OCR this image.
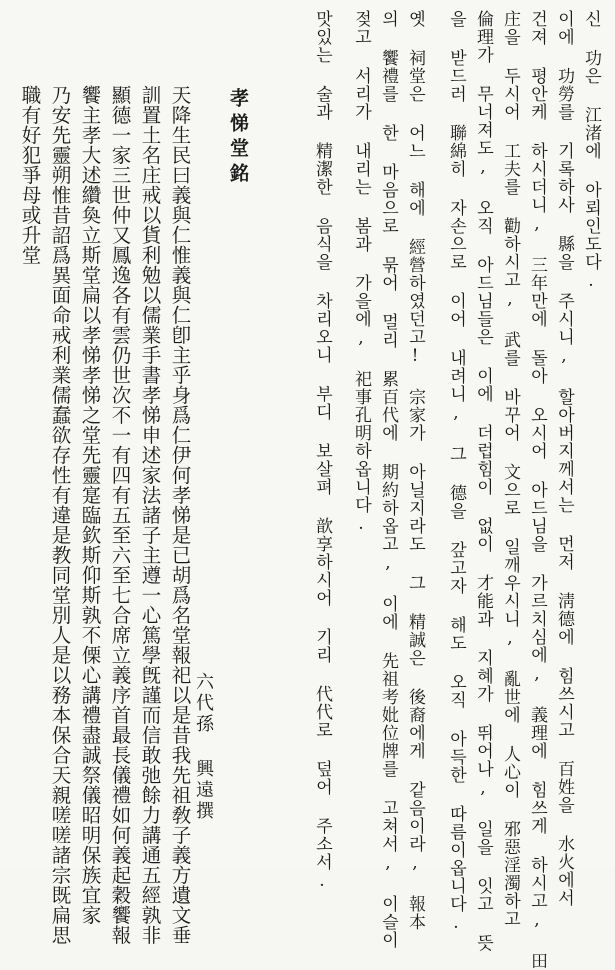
신 功은 江渚에 아뢰인도다.
이에 功勞를 기록하사 縣을 주시니, 할아버지께서는 먼저 淸德에 힘쓰시고 百姓을 水火에서
건져 평안케 하시더니, 三年만에 돌아 오시어 아드님을 가르치심에, 義理에 힘쓰게 하시고, 田
庄을 두시어 工夫를 勸하시고, 武를 바꾸어 文으로 일깨우시니, 亂世에 人心이 邪惡淫濁하고
倫理가 무너져도, 오직 아드님들은 이에 더럽힘이 없이 才能과 지혜가 뛰어나, 일을 잇고 뜻
을 받드러 聯綿히 자손으로 이어 내려니, 그 德을 갚고자 해도 오직 아득한 따름이옵니다.
옛 祠堂은 어느 해에 經營하였던고! 宗家가 아닐지라도 그 精誠은 後裔에게 같음이라, 報本
의 饗禮를 한 마음으로 묶어 멀리 累百代에 期約하옵고, 이에 先祖考妣位牌를 고쳐서, 이슬이
젖고 서리가 내리는 봄과 가을에, 祀事孔明하옵니다.
맛있는 술과 精潔한 음식을 차리오니 부디 보살펴 歆享하시어 기리 代代로 덮어 주소서.
六代孫 興遠撰
孝悌堂銘
天降生民曰義與仁惟義與仁卽主乎身爲仁伊何孝悌是已胡爲名堂報祀以是昔我先祖敎子義方遺文垂
訓置土名庄戒以貨利勉以儒業手書孝悌申述家法諸子主遵一心篤學旣謹而信敢弛餘力講通五經孰非
顯德一家三世仲又鳳逸各有雲仍世次不一有四有五至六至七合席立義序首最長儀禮如何義起穀饗報
饗主孝大述纘奐立斯堂扁以孝悌孝悌之堂先靈寔臨欽斯仰斯孰不傈心講禮盡誠祭儀昭明保族宜家
乃安先靈朔惟昔詔爲異面命戒利業儒蠢欲存性有違是教同堂別人是以務本保合天親嗟嗟諸宗既扁思
職有好犯爭母或升堂
